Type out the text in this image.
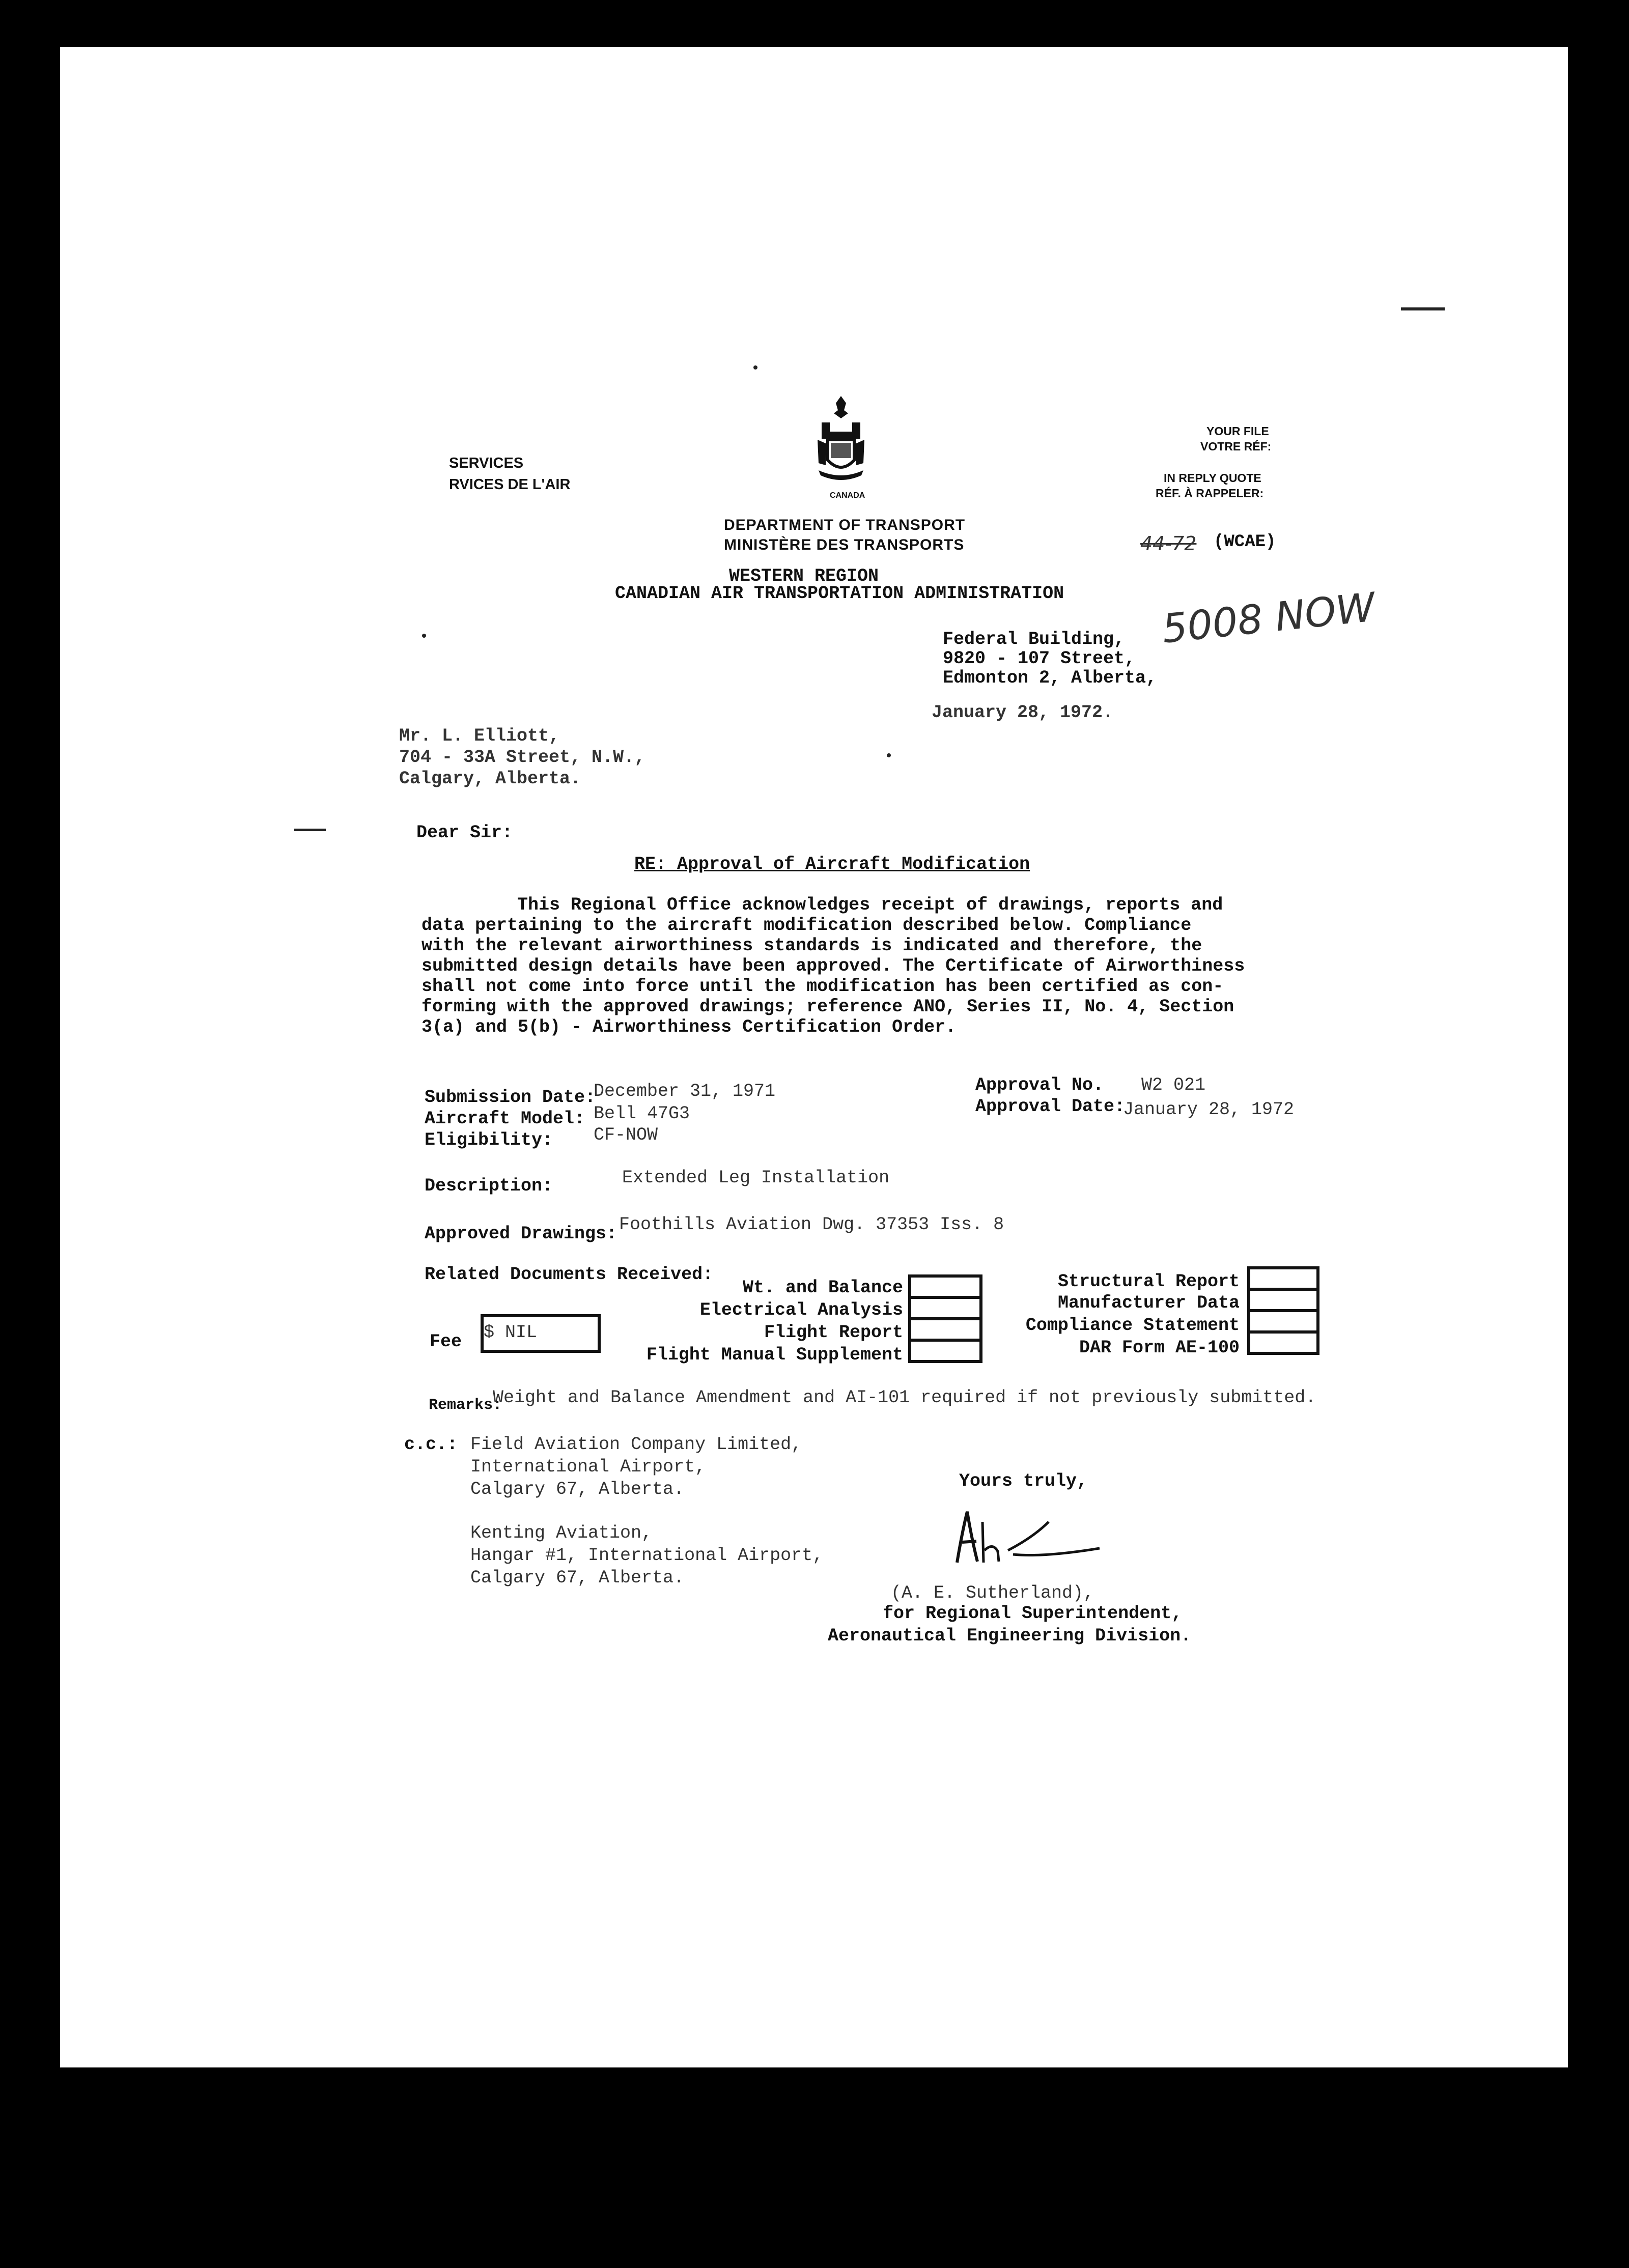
SERVICES
RVICES DE L'AIR
CANADA
DEPARTMENT OF TRANSPORT
MINISTÈRE DES TRANSPORTS
YOUR FILE
VOTRE RÉF:
IN REPLY QUOTE
RÉF. À RAPPELER:
44-72 (WCAE)
5008 NOW
WESTERN REGION
CANADIAN AIR TRANSPORTATION ADMINISTRATION
Federal Building,
9820 - 107 Street,
Edmonton 2, Alberta,
January 28, 1972.
Mr. L. Elliott,
704 - 33A Street, N.W.,
Calgary, Alberta.
Dear Sir:
RE: Approval of Aircraft Modification
This Regional Office acknowledges receipt of drawings, reports and
data pertaining to the aircraft modification described below. Compliance
with the relevant airworthiness standards is indicated and therefore, the
submitted design details have been approved. The Certificate of Airworthiness
shall not come into force until the modification has been certified as con-
forming with the approved drawings; reference ANO, Series II, No. 4, Section
3(a) and 5(b) - Airworthiness Certification Order.
Submission Date:
December 31, 1971
Aircraft Model: Bell 47G3
Eligibility: CF-NOW
Approval No. W2 021
Approval Date:
January 28, 1972
Description:	Extended Leg Installation
Approved Drawings: Foothills Aviation Dwg. 37353 Iss. 8
Related Documents Received:
Wt. and Balance
Electrical Analysis
Flight Report
Flight Manual Supplement
Structural Report
Manufacturer Data
Compliance Statement
DAR Form AE-100
Fee $ NIL
Remarks:
Weight and Balance Amendment and AI-101 required if not previously submitted.
c.c.: Field Aviation Company Limited,
International Airport,
Calgary 67, Alberta.
Kenting Aviation,
Hangar #1, International Airport,
Calgary 67, Alberta.
Yours truly,
(A. E. Sutherland),
for Regional Superintendent,
Aeronautical Engineering Division.
